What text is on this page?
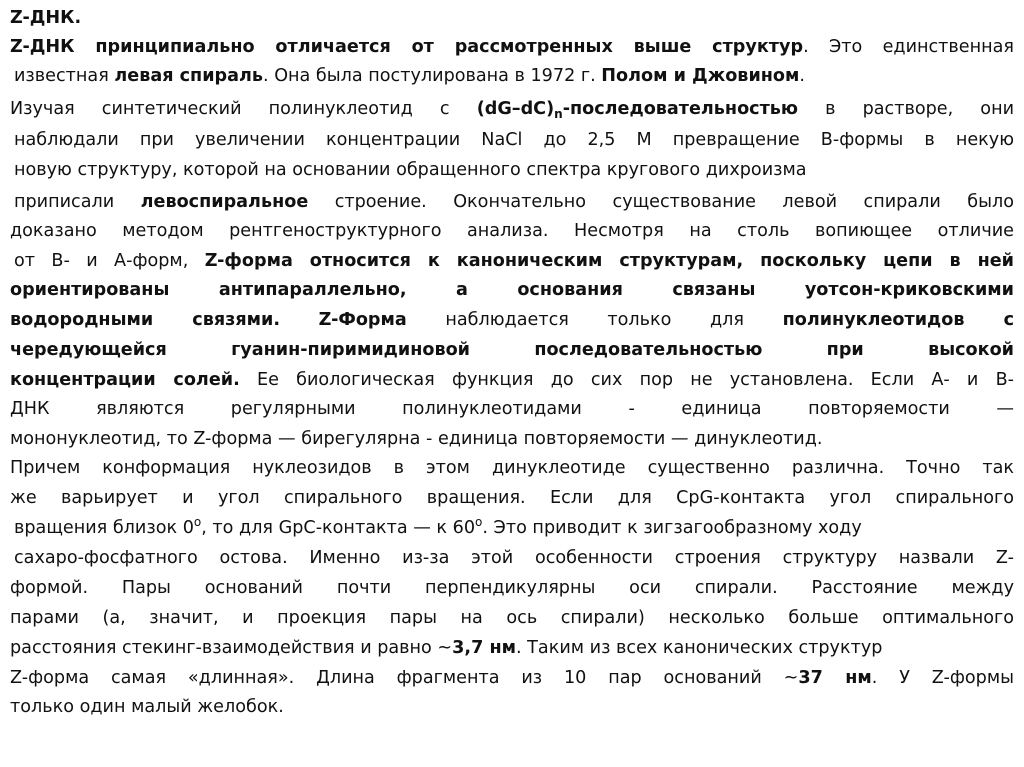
Z-ДНК.
Z-ДНК принципиально отличается от рассмотренных выше структур. Это единственная
известная левая спираль. Она была постулирована в 1972 г. Полом и Джовином.
Изучая синтетический полинуклеотид с $(dG-dC)_n$-последовательностью в растворе, они
наблюдали при увеличении концентрации NaCl до 2,5 М превращение В-формы в некую
новую структуру, которой на основании обращенного спектра кругового дихроизма
приписали левоспиральное строение. Окончательно существование левой спирали было
доказано методом рентгеноструктурного анализа. Несмотря на столь вопиющее отличие
от В- и А-форм, Z-форма относится к каноническим структурам, поскольку цепи в ней
ориентированы антипараллельно, а основания связаны уотсон-криковскими
водородными связями. Z-Форма наблюдается только для полинуклеотидов с
чередующейся гуанин-пиримидиновой последовательностью при высокой
концентрации солей. Ее биологическая функция до сих пор не установлена. Если А- и В-
ДНК являются регулярными полинуклеотидами - единица повторяемости —
мононуклеотид, то Z-форма — бирегулярна - единица повторяемости — динуклеотид.
Причем конформация нуклеозидов в этом динуклеотиде существенно различна. Точно так
же варьирует и угол спирального вращения. Если для CpG-контакта угол спирального
вращения близок 0$^o$, то для GpC-контакта — к 60$^o$. Это приводит к зигзагообразному ходу
сахаро-фосфатного остова. Именно из-за этой особенности строения структуру назвали Z-
формой. Пары оснований почти перпендикулярны оси спирали. Расстояние между
парами (а, значит, и проекция пары на ось спирали) несколько больше оптимального
расстояния стекинг-взаимодействия и равно ~3,7 нм. Таким из всех канонических структур
Z-форма самая «длинная». Длина фрагмента из 10 пар оснований ~37 нм. У Z-формы
только один малый желобок.
